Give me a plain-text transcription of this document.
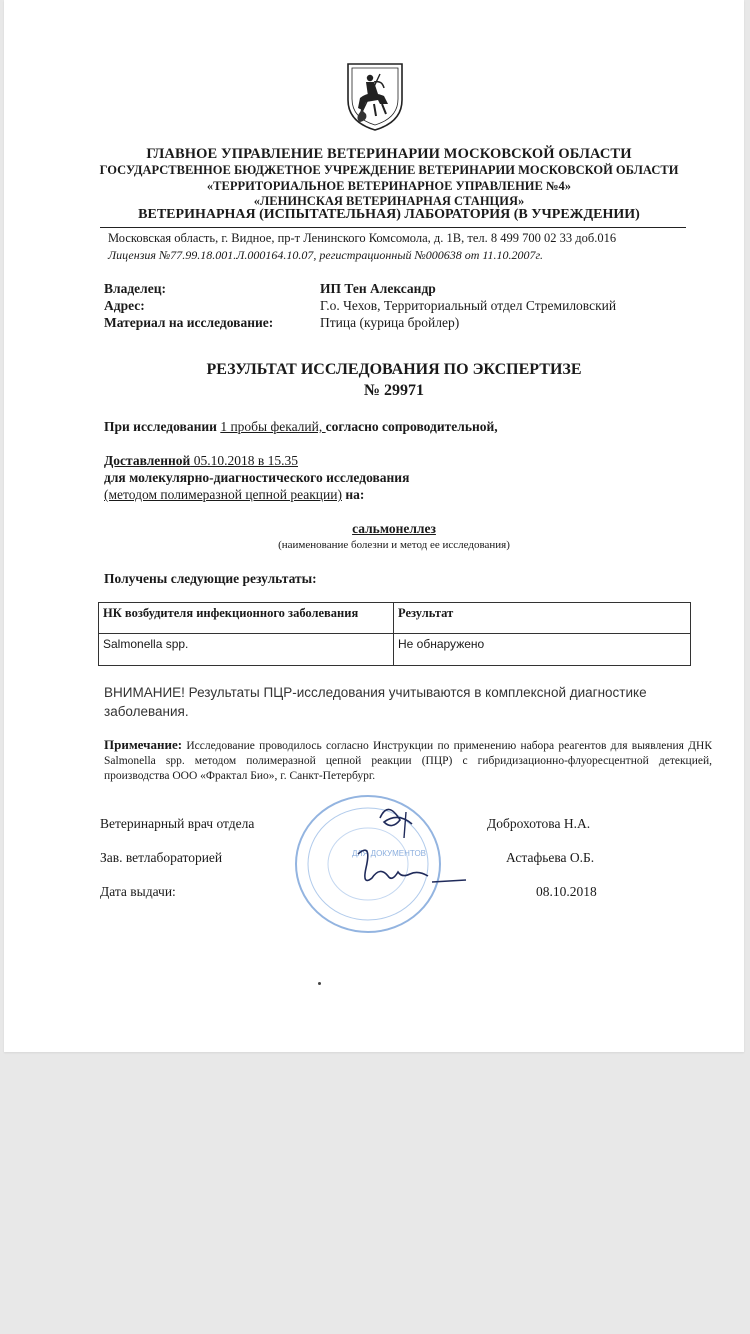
ГЛАВНОЕ УПРАВЛЕНИЕ ВЕТЕРИНАРИИ МОСКОВСКОЙ ОБЛАСТИ
ГОСУДАРСТВЕННОЕ БЮДЖЕТНОЕ УЧРЕЖДЕНИЕ ВЕТЕРИНАРИИ МОСКОВСКОЙ ОБЛАСТИ
«ТЕРРИТОРИАЛЬНОЕ ВЕТЕРИНАРНОЕ УПРАВЛЕНИЕ №4»
«ЛЕНИНСКАЯ ВЕТЕРИНАРНАЯ СТАНЦИЯ»
ВЕТЕРИНАРНАЯ (ИСПЫТАТЕЛЬНАЯ) ЛАБОРАТОРИЯ (В УЧРЕЖДЕНИИ)
Московская область, г. Видное, пр-т Ленинского Комсомола, д. 1В, тел. 8 499 700 02 33 доб.016
Лицензия №77.99.18.001.Л.000164.10.07, регистрационный №000638 от 11.10.2007г.
Владелец:	ИП Тен Александр
Адрес:	Г.о. Чехов, Территориальный отдел Стремиловский
Материал на исследование:	Птица (курица бройлер)
РЕЗУЛЬТАТ ИССЛЕДОВАНИЯ ПО ЭКСПЕРТИЗЕ
№ 29971
При исследовании 1 пробы фекалий, согласно сопроводительной,
Доставленной 05.10.2018 в 15.35
для молекулярно-диагностического исследования
(методом полимеразной цепной реакции) на:
сальмонеллез
(наименование болезни и метод ее исследования)
Получены следующие результаты:
НК возбудителя инфекционного заболевания	Результат
Salmonella spp.	Не обнаружено
ВНИМАНИЕ! Результаты ПЦР-исследования учитываются в комплексной диагностике заболевания.
Примечание: Исследование проводилось согласно Инструкции по применению набора реагентов для выявления ДНК Salmonella spp. методом полимеразной цепной реакции (ПЦР) с гибридизационно-флуоресцентной детекцией, производства ООО «Фрактал Био», г. Санкт-Петербург.
ДЛЯ ДОКУМЕНТОВ
Ветеринарный врач отдела	Доброхотова Н.А.
Зав. ветлабораторией	Астафьева О.Б.
Дата выдачи:	08.10.2018
